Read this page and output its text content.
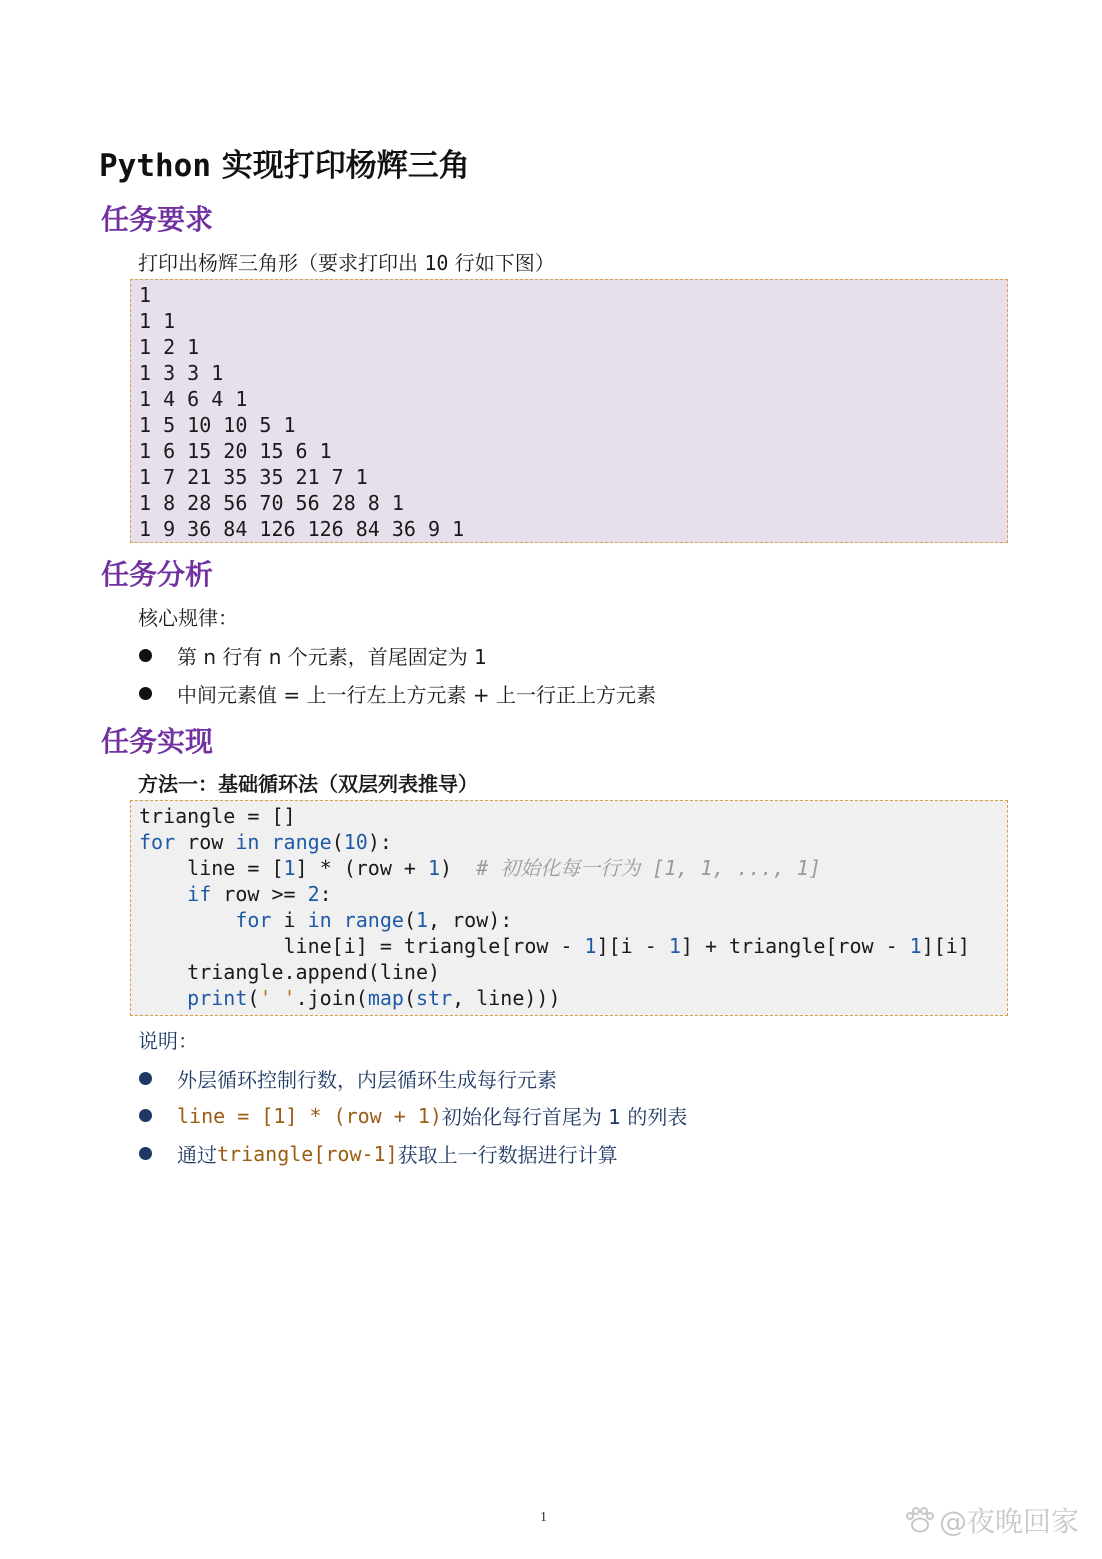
Python 实现打印杨辉三角
任务要求
打印出杨辉三角形（要求打印出 10 行如下图）
1
1 1
1 2 1
1 3 3 1
1 4 6 4 1
1 5 10 10 5 1
1 6 15 20 15 6 1
1 7 21 35 35 21 7 1
1 8 28 56 70 56 28 8 1
1 9 36 84 126 126 84 36 9 1
任务分析
核心规律：
第 n 行有 n 个元素，首尾固定为 1
中间元素值 = 上一行左上方元素 + 上一行正上方元素
任务实现
方法一：基础循环法（双层列表推导）
triangle = []
for row in range(10):
line = [1] * (row + 1)  # 初始化每一行为 [1, 1, ..., 1]
if row >= 2:
for i in range(1, row):
line[i] = triangle[row - 1][i - 1] + triangle[row - 1][i]
triangle.append(line)
print(' '.join(map(str, line)))
说明：
外层循环控制行数，内层循环生成每行元素
line = [1] * (row + 1) 初始化每行首尾为 1 的列表
通过 triangle[row-1] 获取上一行数据进行计算
1	@夜晚回家
